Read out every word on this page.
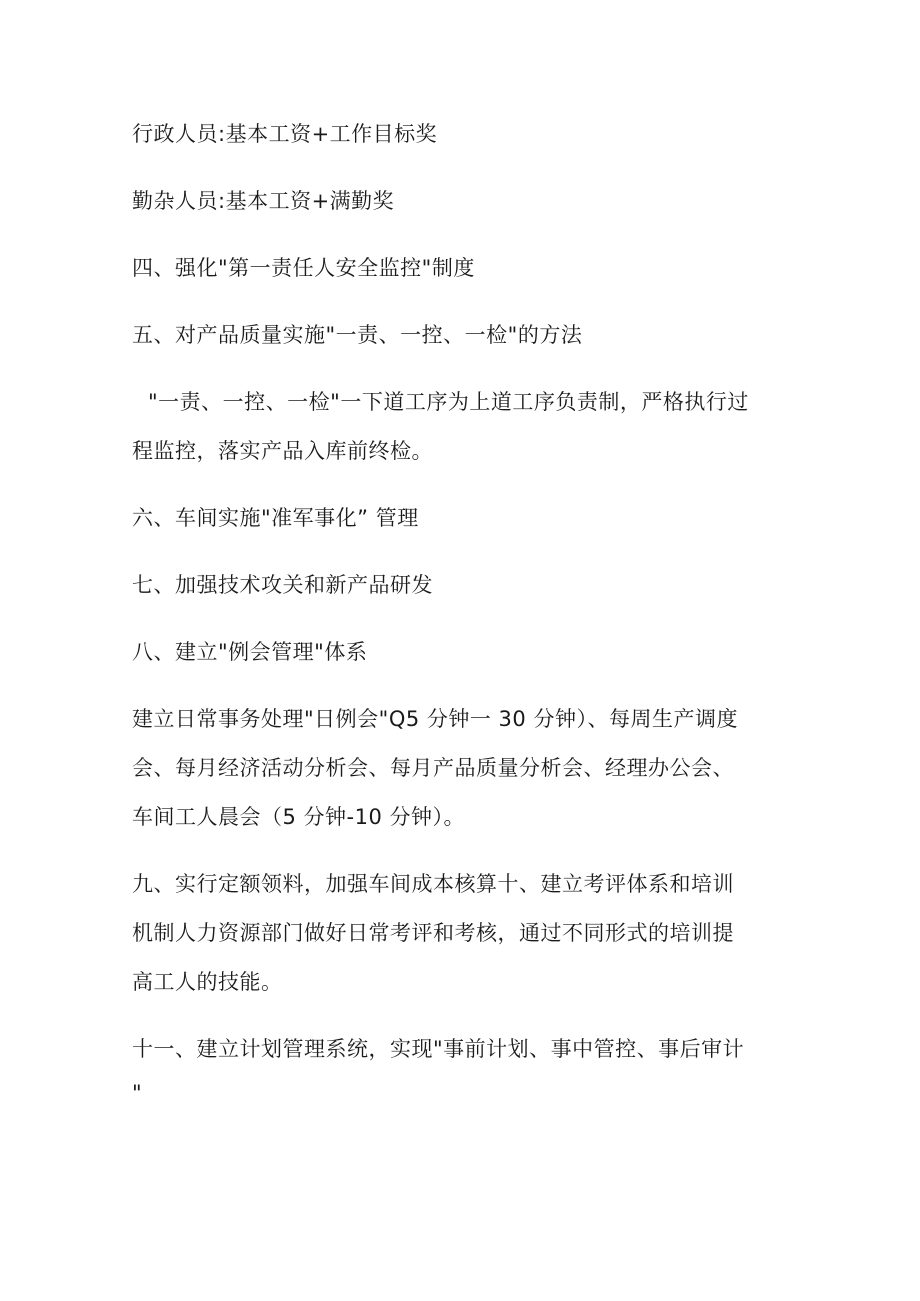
行政人员:基本工资+工作目标奖

勤杂人员:基本工资+满勤奖

四、强化"第一责任人安全监控"制度

五、对产品质量实施"一责、一控、一检"的方法

"一责、一控、一检"一下道工序为上道工序负责制，严格执行过

程监控，落实产品入库前终检。

六、车间实施"准军事化” 管理

七、加强技术攻关和新产品研发

八、建立"例会管理"体系

建立日常事务处理"日例会"Q5 分钟一 30 分钟）、每周生产调度

会、每月经济活动分析会、每月产品质量分析会、经理办公会、

车间工人晨会（5 分钟-10 分钟）。

九、实行定额领料，加强车间成本核算十、建立考评体系和培训

机制人力资源部门做好日常考评和考核，通过不同形式的培训提

高工人的技能。

十一、建立计划管理系统，实现"事前计划、事中管控、事后审计

"
